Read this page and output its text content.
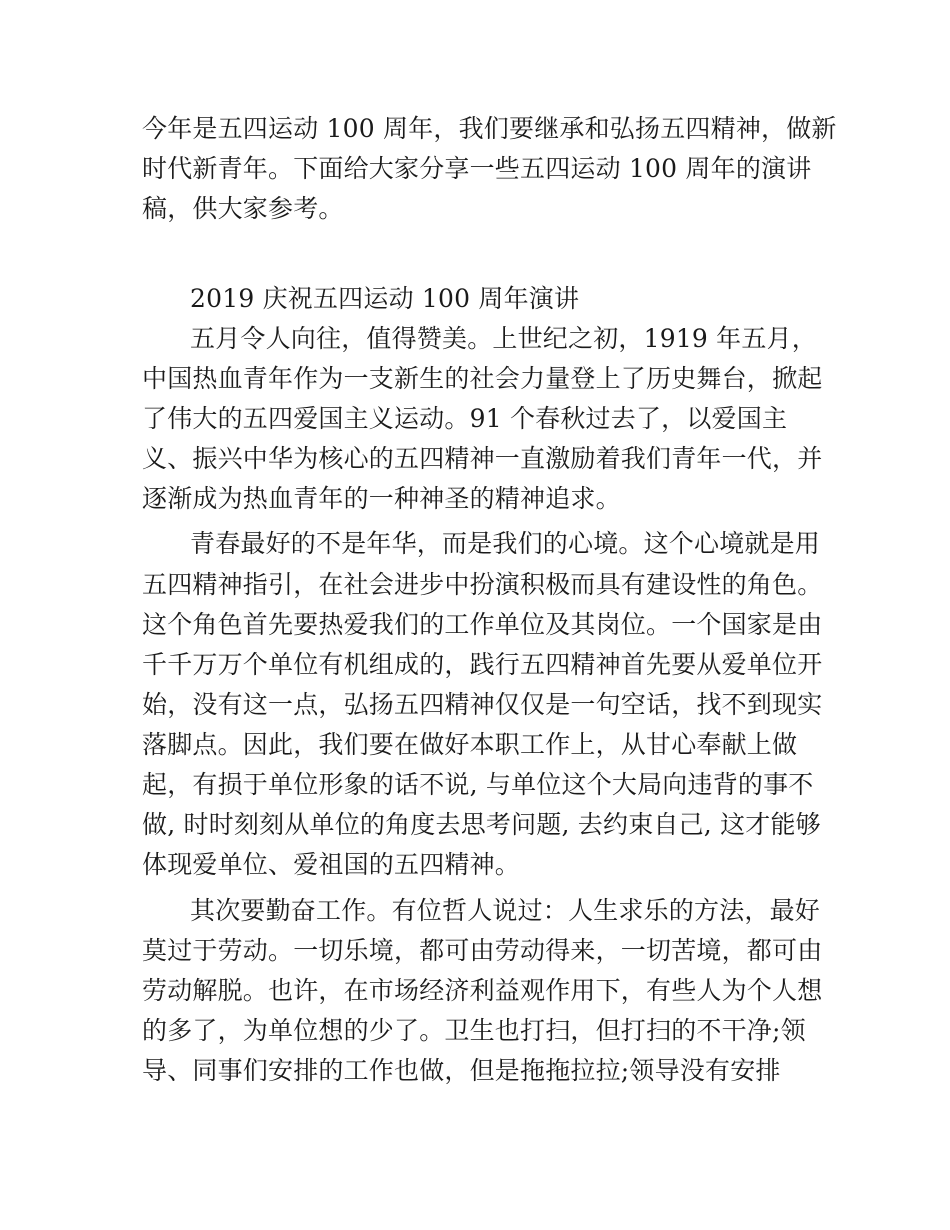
今年是五四运动 100 周年，我们要继承和弘扬五四精神，做新
时代新青年。下面给大家分享一些五四运动 100 周年的演讲
稿，供大家参考。
2019 庆祝五四运动 100 周年演讲
五月令人向往，值得赞美。上世纪之初，1919 年五月，
中国热血青年作为一支新生的社会力量登上了历史舞台，掀起
了伟大的五四爱国主义运动。91 个春秋过去了，以爱国主
义、振兴中华为核心的五四精神一直激励着我们青年一代，并
逐渐成为热血青年的一种神圣的精神追求。
青春最好的不是年华，而是我们的心境。这个心境就是用
五四精神指引，在社会进步中扮演积极而具有建设性的角色。
这个角色首先要热爱我们的工作单位及其岗位。一个国家是由
千千万万个单位有机组成的，践行五四精神首先要从爱单位开
始，没有这一点，弘扬五四精神仅仅是一句空话，找不到现实
落脚点。因此，我们要在做好本职工作上，从甘心奉献上做
起，有损于单位形象的话不说, 与单位这个大局向违背的事不
做, 时时刻刻从单位的角度去思考问题, 去约束自己, 这才能够
体现爱单位、爱祖国的五四精神。
其次要勤奋工作。有位哲人说过：人生求乐的方法，最好
莫过于劳动。一切乐境，都可由劳动得来，一切苦境，都可由
劳动解脱。也许，在市场经济利益观作用下，有些人为个人想
的多了，为单位想的少了。卫生也打扫，但打扫的不干净;领
导、同事们安排的工作也做，但是拖拖拉拉;领导没有安排
